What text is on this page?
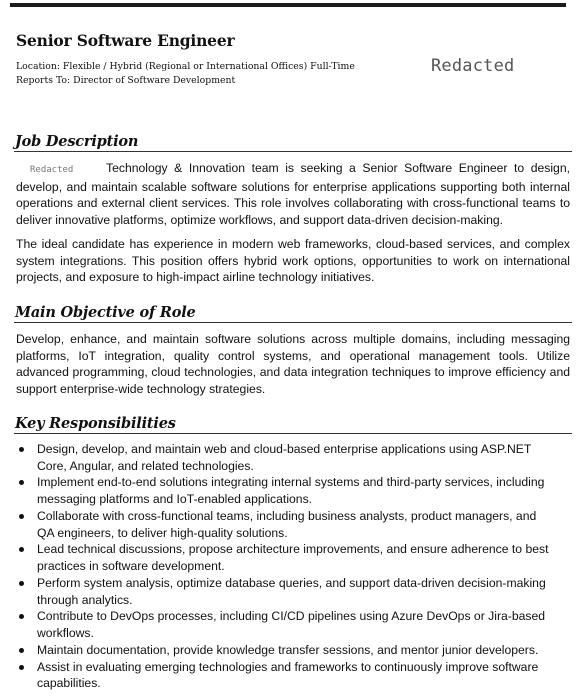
Senior Software Engineer
Location: Flexible / Hybrid (Regional or International Offices) Full-Time
Reports To: Director of Software Development
Redacted
Job Description

Redacted	Technology & Innovation team is seeking a Senior Software Engineer to design, develop, and maintain scalable software solutions for enterprise applications supporting both internal operations and external client services. This role involves collaborating with cross-functional teams to deliver innovative platforms, optimize workflows, and support data-driven decision-making.

The ideal candidate has experience in modern web frameworks, cloud-based services, and complex system integrations. This position offers hybrid work options, opportunities to work on international projects, and exposure to high-impact airline technology initiatives.

Main Objective of Role

Develop, enhance, and maintain software solutions across multiple domains, including messaging platforms, IoT integration, quality control systems, and operational management tools. Utilize advanced programming, cloud technologies, and data integration techniques to improve efficiency and support enterprise-wide technology strategies.

Key Responsibilities
Design, develop, and maintain web and cloud-based enterprise applications using ASP.NET Core, Angular, and related technologies.
Implement end-to-end solutions integrating internal systems and third-party services, including messaging platforms and IoT-enabled applications.
Collaborate with cross-functional teams, including business analysts, product managers, and QA engineers, to deliver high-quality solutions.
Lead technical discussions, propose architecture improvements, and ensure adherence to best practices in software development.
Perform system analysis, optimize database queries, and support data-driven decision-making through analytics.
Contribute to DevOps processes, including CI/CD pipelines using Azure DevOps or Jira-based workflows.
Maintain documentation, provide knowledge transfer sessions, and mentor junior developers.
Assist in evaluating emerging technologies and frameworks to continuously improve software capabilities.
